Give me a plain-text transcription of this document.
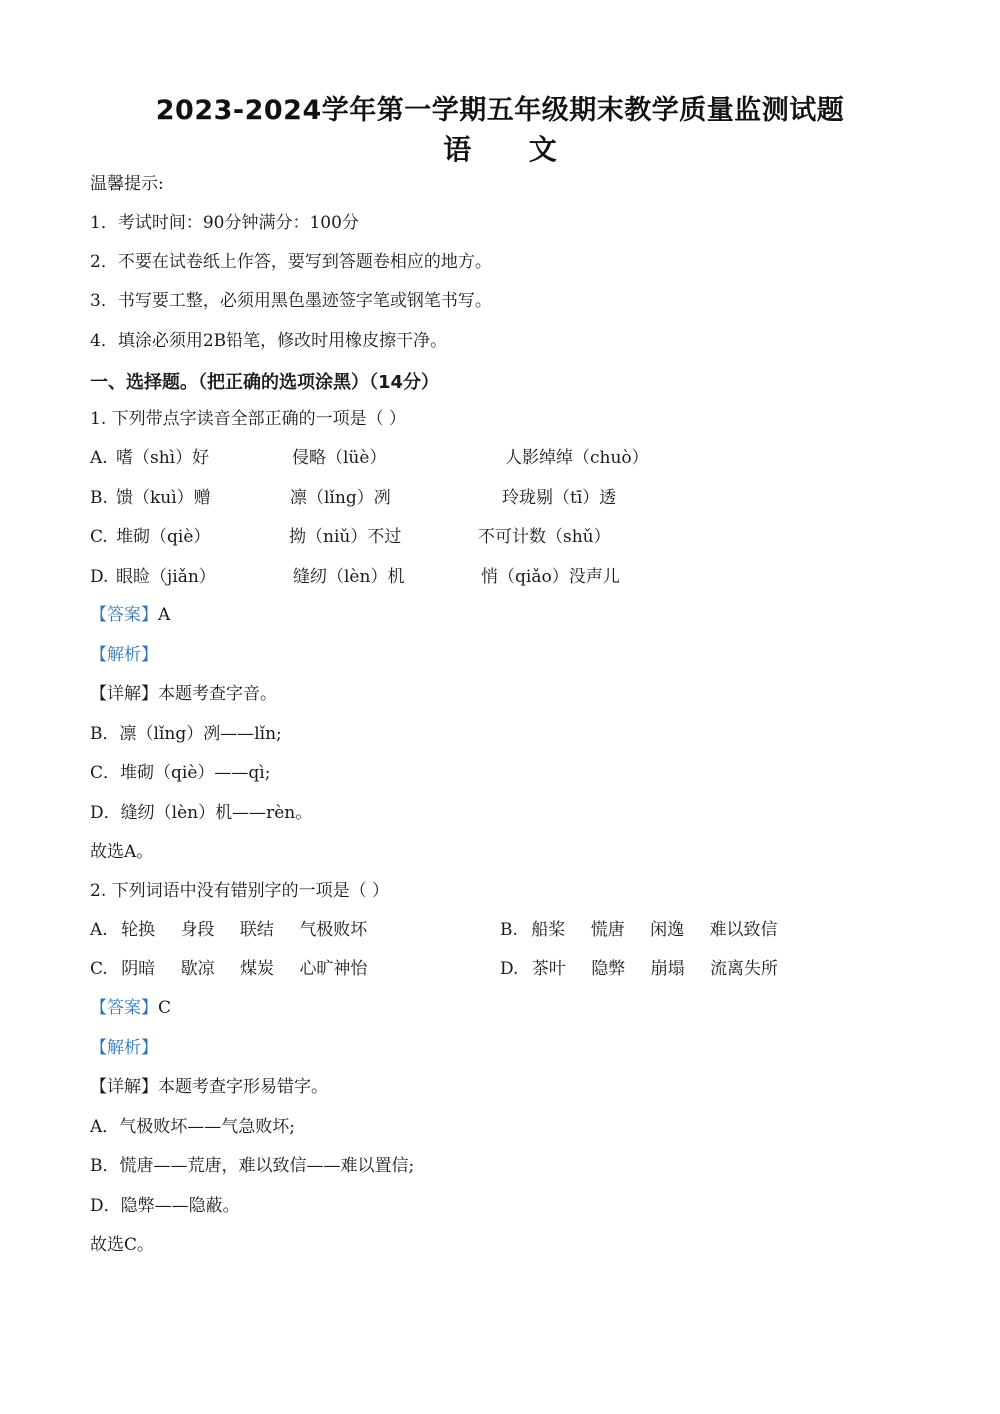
2023-2024学年第一学期五年级期末教学质量监测试题
语 文
温馨提示:
1．考试时间：90分钟满分：100分
2．不要在试卷纸上作答，要写到答题卷相应的地方。
3．书写要工整，必须用黑色墨迹签字笔或钢笔书写。
4．填涂必须用2B铅笔，修改时用橡皮擦干净。
一、选择题。（把正确的选项涂黑）（14分）
1. 下列带点字读音全部正确的一项是（ ）
A. 嗜（shì）好	侵略（lüè）	人影绰绰（chuò）
B. 馈（kuì）赠	凛（lǐng）冽	玲珑剔（tī）透
C. 堆砌（qiè）	拗（niǔ）不过	不可计数（shǔ）
D. 眼睑（jiǎn）	缝纫（lèn）机	悄（qiǎo）没声儿
【答案】A
【解析】
【详解】本题考查字音。
B．凛（lǐng）冽——lǐn;
C．堆砌（qiè）——qì;
D．缝纫（lèn）机——rèn。
故选A。
2. 下列词语中没有错别字的一项是（ ）
A. 轮换 身段 联结 气极败坏	B. 船桨 慌唐 闲逸 难以致信
C. 阴暗 歇凉 煤炭 心旷神怡	D. 茶叶 隐弊 崩塌 流离失所
【答案】C
【解析】
【详解】本题考查字形易错字。
A．气极败坏——气急败坏;
B．慌唐——荒唐，难以致信——难以置信;
D．隐弊——隐蔽。
故选C。
